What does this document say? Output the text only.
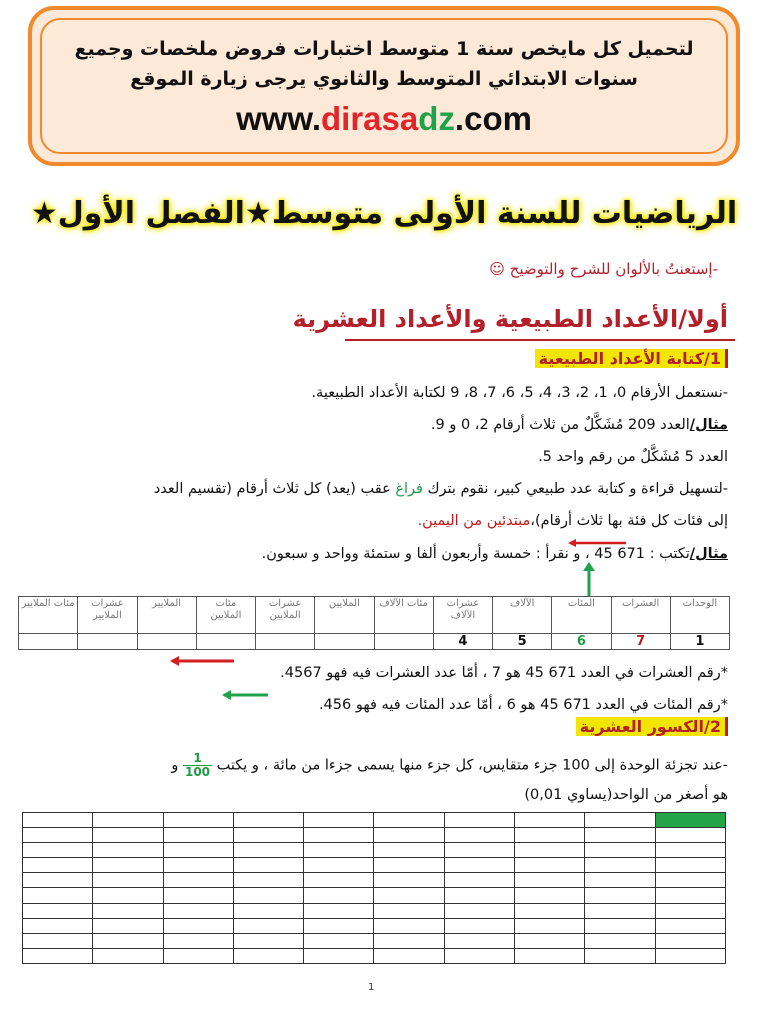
لتحميل كل مايخص سنة 1 متوسط اختبارات فروض ملخصات وجميع
سنوات الابتدائي المتوسط والثانوي يرجى زيارة الموقع
www.dirasadz.com
الرياضيات للسنة الأولى متوسط★الفصل الأول★
-إستعنتُ بالألوان للشرح والتوضيح ☺
أولا/الأعداد الطبيعية والأعداد العشرية
1/كتابة الأعداد الطبيعية
-نستعمل الأرقام 0، 1، 2، 3، 4، 5، 6، 7، 8، 9 لكتابة الأعداد الطبيعية.
مثال/العدد 209 مُشَكَّلٌ من ثلاث أرقام 2، 0 و 9.
العدد 5 مُشَكَّلٌ من رقم واحد 5.
-لتسهيل قراءة و كتابة عدد طبيعي كبير، نقوم بترك فراغ عقب (يعد) كل ثلاث أرقام (تقسيم العدد
إلى فئات كل فئة بها ثلاث أرقام)،مبتدئين من اليمين.
مثال/تكتب : 671 45 ، و نقرأ : خمسة وأربعون ألفا و ستمئة وواحد و سبعون.
الوحدات	العشرات	المئات	الآلاف	عشرات الآلاف	مئات الآلاف	الملايين	عشرات الملايين	مئات الملايين	الملايير	عشرات الملايير	مئات الملايير
1	7	6	5	4							
*رقم العشرات في العدد 671 45 هو 7 ، أمّا عدد العشرات فيه فهو 4567.
*رقم المئات في العدد 671 45 هو 6 ، أمّا عدد المئات فيه فهو 456.
2/الكسور العشرية
-عند تجزئة الوحدة إلى 100 جزء متقايس، كل جزء منها يسمى جزءا من مائة ، و يكتب
$\frac{1}{100}$
و
هو أصغر من الواحد(يساوي 0,01)

1
